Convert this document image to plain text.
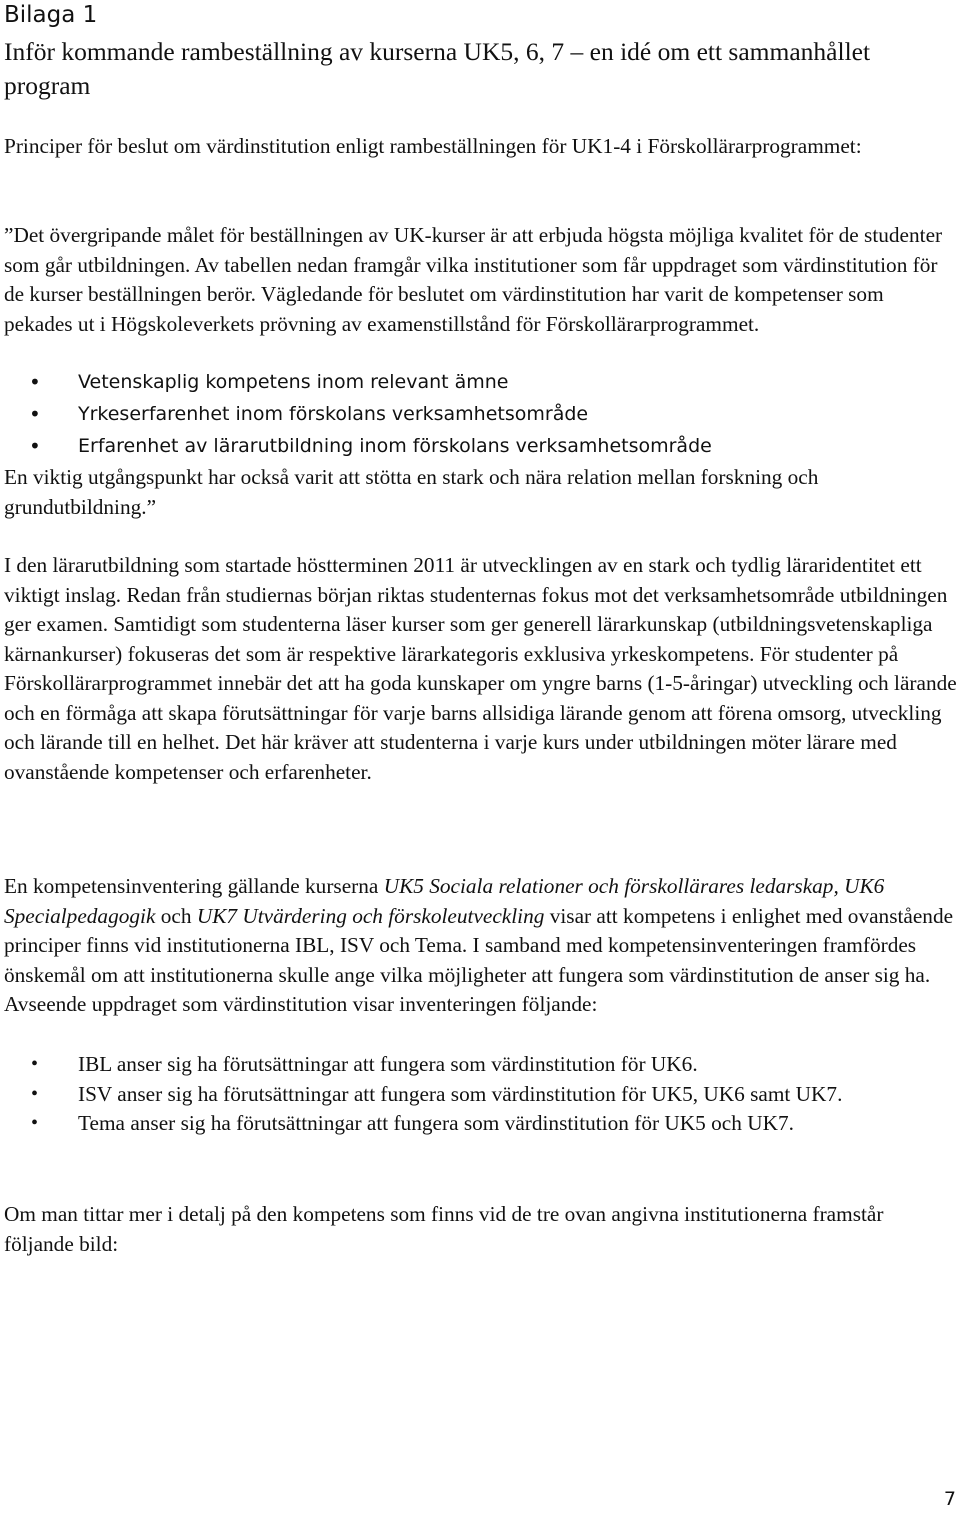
Bilaga 1
Inför kommande rambeställning av kurserna UK5, 6, 7 – en idé om ett sammanhållet program

Principer för beslut om värdinstitution enligt rambeställningen för UK1-4 i Förskollärarprogrammet:

”Det övergripande målet för beställningen av UK-kurser är att erbjuda högsta möjliga kvalitet för de studenter som går utbildningen. Av tabellen nedan framgår vilka institutioner som får uppdraget som värdinstitution för de kurser beställningen berör. Vägledande för beslutet om värdinstitution har varit de kompetenser som pekades ut i Högskoleverkets prövning av examenstillstånd för Förskollärarprogrammet.

• Vetenskaplig kompetens inom relevant ämne
• Yrkeserfarenhet inom förskolans verksamhetsområde
• Erfarenhet av lärarutbildning inom förskolans verksamhetsområde

En viktig utgångspunkt har också varit att stötta en stark och nära relation mellan forskning och grundutbildning.”

I den lärarutbildning som startade höstterminen 2011 är utvecklingen av en stark och tydlig läraridentitet ett viktigt inslag. Redan från studiernas början riktas studenternas fokus mot det verksamhetsområde utbildningen ger examen. Samtidigt som studenterna läser kurser som ger generell lärarkunskap (utbildningsvetenskapliga kärnankurser) fokuseras det som är respektive lärarkategoris exklusiva yrkeskompetens. För studenter på Förskollärarprogrammet innebär det att ha goda kunskaper om yngre barns (1-5-åringar) utveckling och lärande och en förmåga att skapa förutsättningar för varje barns allsidiga lärande genom att förena omsorg, utveckling och lärande till en helhet. Det här kräver att studenterna i varje kurs under utbildningen möter lärare med ovanstående kompetenser och erfarenheter.

En kompetensinventering gällande kurserna UK5 Sociala relationer och förskollärares ledarskap, UK6 Specialpedagogik och UK7 Utvärdering och förskoleutveckling visar att kompetens i enlighet med ovanstående principer finns vid institutionerna IBL, ISV och Tema. I samband med kompetensinventeringen framfördes önskemål om att institutionerna skulle ange vilka möjligheter att fungera som värdinstitution de anser sig ha. Avseende uppdraget som värdinstitution visar inventeringen följande:

• IBL anser sig ha förutsättningar att fungera som värdinstitution för UK6.
• ISV anser sig ha förutsättningar att fungera som värdinstitution för UK5, UK6 samt UK7.
• Tema anser sig ha förutsättningar att fungera som värdinstitution för UK5 och UK7.

Om man tittar mer i detalj på den kompetens som finns vid de tre ovan angivna institutionerna framstår följande bild:

7
